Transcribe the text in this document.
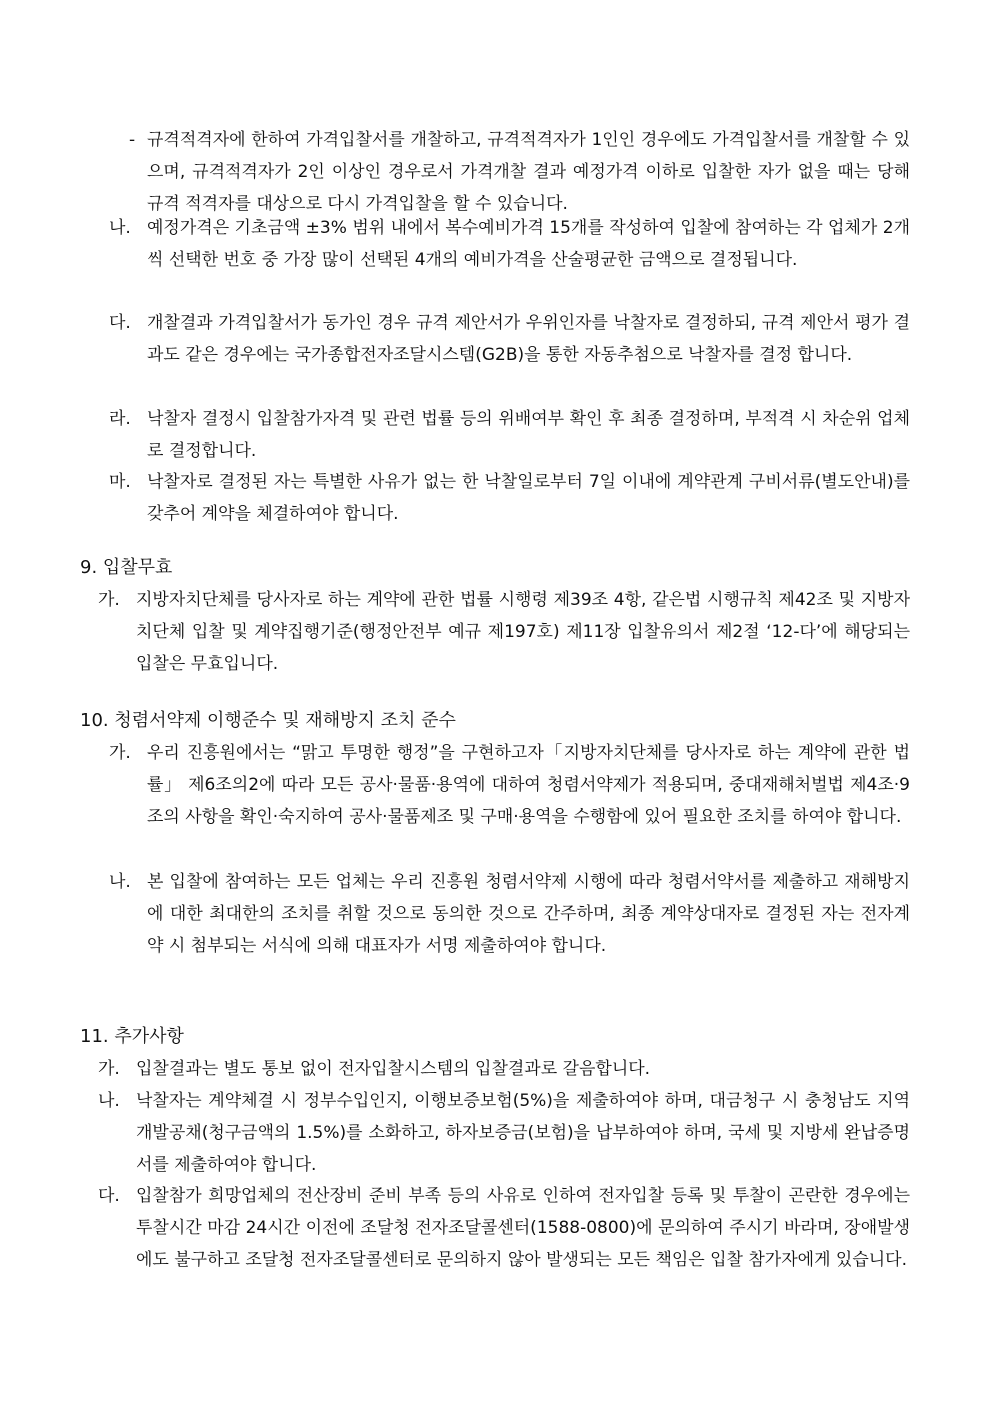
- 규격적격자에 한하여 가격입찰서를 개찰하고, 규격적격자가 1인인 경우에도 가격입찰서를 개찰할 수 있으며, 규격적격자가 2인 이상인 경우로서 가격개찰 결과 예정가격 이하로 입찰한 자가 없을 때는 당해 규격 적격자를 대상으로 다시 가격입찰을 할 수 있습니다.
나. 예정가격은 기초금액 ±3% 범위 내에서 복수예비가격 15개를 작성하여 입찰에 참여하는 각 업체가 2개씩 선택한 번호 중 가장 많이 선택된 4개의 예비가격을 산술평균한 금액으로 결정됩니다.
다. 개찰결과 가격입찰서가 동가인 경우 규격 제안서가 우위인자를 낙찰자로 결정하되, 규격 제안서 평가 결과도 같은 경우에는 국가종합전자조달시스템(G2B)을 통한 자동추첨으로 낙찰자를 결정 합니다.
라. 낙찰자 결정시 입찰참가자격 및 관련 법률 등의 위배여부 확인 후 최종 결정하며, 부적격 시 차순위 업체로 결정합니다.
마. 낙찰자로 결정된 자는 특별한 사유가 없는 한 낙찰일로부터 7일 이내에 계약관계 구비서류(별도안내)를 갖추어 계약을 체결하여야 합니다.
9. 입찰무효
가. 지방자치단체를 당사자로 하는 계약에 관한 법률 시행령 제39조 4항, 같은법 시행규칙 제42조 및 지방자치단체 입찰 및 계약집행기준(행정안전부 예규 제197호) 제11장 입찰유의서 제2절 ‘12-다’에 해당되는 입찰은 무효입니다.
10. 청렴서약제 이행준수 및 재해방지 조치 준수
가. 우리 진흥원에서는 “맑고 투명한 행정”을 구현하고자「지방자치단체를 당사자로 하는 계약에 관한 법률」 제6조의2에 따라 모든 공사·물품·용역에 대하여 청렴서약제가 적용되며, 중대재해처벌법 제4조·9조의 사항을 확인·숙지하여 공사·물품제조 및 구매·용역을 수행함에 있어 필요한 조치를 하여야 합니다.
나. 본 입찰에 참여하는 모든 업체는 우리 진흥원 청렴서약제 시행에 따라 청렴서약서를 제출하고 재해방지에 대한 최대한의 조치를 취할 것으로 동의한 것으로 간주하며, 최종 계약상대자로 결정된 자는 전자계약 시 첨부되는 서식에 의해 대표자가 서명 제출하여야 합니다.
11. 추가사항
가. 입찰결과는 별도 통보 없이 전자입찰시스템의 입찰결과로 갈음합니다.
나. 낙찰자는 계약체결 시 정부수입인지, 이행보증보험(5%)을 제출하여야 하며, 대금청구 시 충청남도 지역개발공채(청구금액의 1.5%)를 소화하고, 하자보증금(보험)을 납부하여야 하며, 국세 및 지방세 완납증명서를 제출하여야 합니다.
다. 입찰참가 희망업체의 전산장비 준비 부족 등의 사유로 인하여 전자입찰 등록 및 투찰이 곤란한 경우에는 투찰시간 마감 24시간 이전에 조달청 전자조달콜센터(1588-0800)에 문의하여 주시기 바라며, 장애발생에도 불구하고 조달청 전자조달콜센터로 문의하지 않아 발생되는 모든 책임은 입찰 참가자에게 있습니다.
